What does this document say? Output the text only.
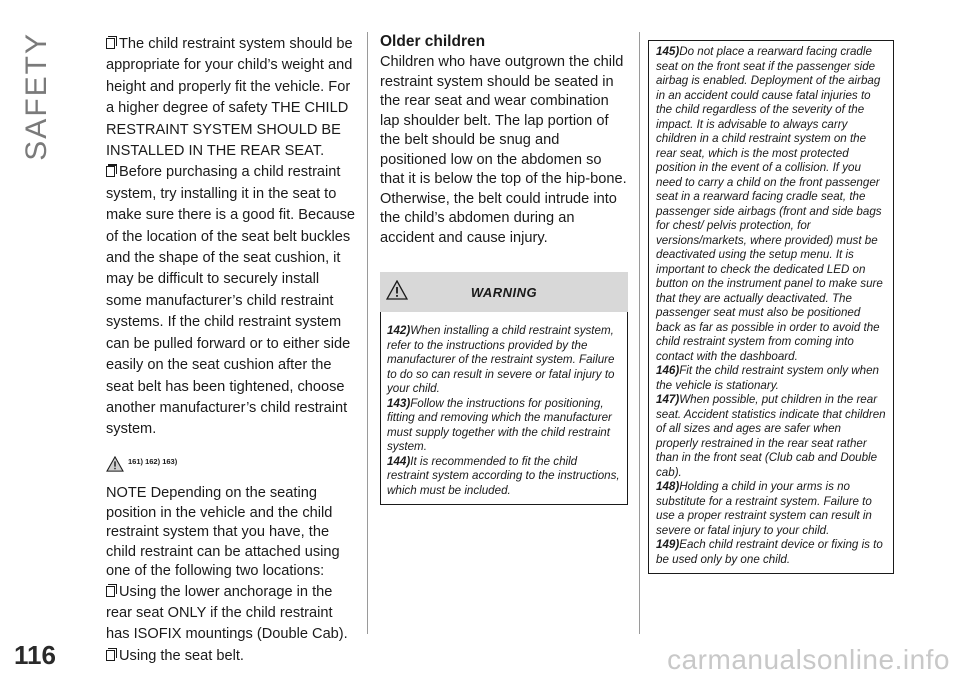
SAFETY
116

The child restraint system should be appropriate for your child’s weight and height and properly fit the vehicle. For a higher degree of safety THE CHILD RESTRAINT SYSTEM SHOULD BE INSTALLED IN THE REAR SEAT.

Before purchasing a child restraint system, try installing it in the seat to make sure there is a good fit. Because of the location of the seat belt buckles and the shape of the seat cushion, it may be difficult to securely install some manufacturer’s child restraint systems. If the child restraint system can be pulled forward or to either side easily on the seat cushion after the seat belt has been tightened, choose another manufacturer’s child restraint system.

161) 162) 163)

NOTE Depending on the seating position in the vehicle and the child restraint system that you have, the child restraint can be attached using one of the following two locations:

Using the lower anchorage in the rear seat ONLY if the child restraint has ISOFIX mountings (Double Cab).

Using the seat belt.

Older children

Children who have outgrown the child restraint system should be seated in the rear seat and wear combination lap shoulder belt. The lap portion of the belt should be snug and positioned low on the abdomen so that it is below the top of the hip-bone. Otherwise, the belt could intrude into the child’s abdomen during an accident and cause injury.

WARNING

142)When installing a child restraint system, refer to the instructions provided by the manufacturer of the restraint system. Failure to do so can result in severe or fatal injury to your child.

143)Follow the instructions for positioning, fitting and removing which the manufacturer must supply together with the child restraint system.

144)It is recommended to fit the child restraint system according to the instructions, which must be included.

145)Do not place a rearward facing cradle seat on the front seat if the passenger side airbag is enabled. Deployment of the airbag in an accident could cause fatal injuries to the child regardless of the severity of the impact. It is advisable to always carry children in a child restraint system on the rear seat, which is the most protected position in the event of a collision. If you need to carry a child on the front passenger seat in a rearward facing cradle seat, the passenger side airbags (front and side bags for chest/ pelvis protection, for versions/markets, where provided) must be deactivated using the setup menu. It is important to check the dedicated LED on button on the instrument panel to make sure that they are actually deactivated. The passenger seat must also be positioned back as far as possible in order to avoid the child restraint system from coming into contact with the dashboard.

146)Fit the child restraint system only when the vehicle is stationary.

147)When possible, put children in the rear seat. Accident statistics indicate that children of all sizes and ages are safer when properly restrained in the rear seat rather than in the front seat (Club cab and Double cab).

148)Holding a child in your arms is no substitute for a restraint system. Failure to use a proper restraint system can result in severe or fatal injury to your child.

149)Each child restraint device or fixing is to be used only by one child.

carmanualsonline.info
